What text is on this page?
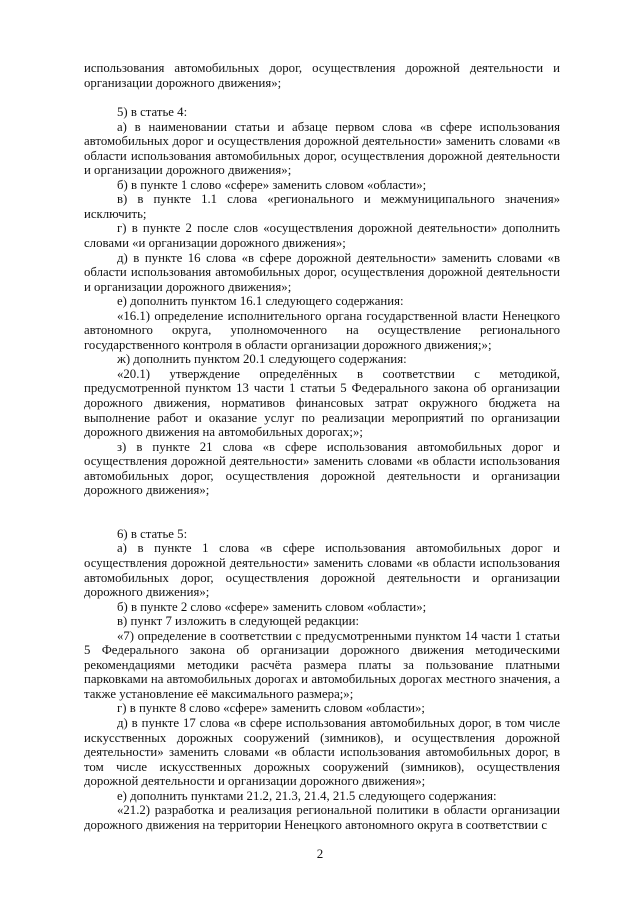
использования автомобильных дорог, осуществления дорожной деятельности и организации дорожного движения»;

5) в статье 4:

а) в наименовании статьи и абзаце первом слова «в сфере использования автомобильных дорог и осуществления дорожной деятельности» заменить словами «в области использования автомобильных дорог, осуществления дорожной деятельности и организации дорожного движения»;

б) в пункте 1 слово «сфере» заменить словом «области»;

в) в пункте 1.1 слова «регионального и межмуниципального значения» исключить;

г) в пункте 2 после слов «осуществления дорожной деятельности» дополнить словами «и организации дорожного движения»;

д) в пункте 16 слова «в сфере дорожной деятельности» заменить словами «в области использования автомобильных дорог, осуществления дорожной деятельности и организации дорожного движения»;

е) дополнить пунктом 16.1 следующего содержания:

«16.1) определение исполнительного органа государственной власти Ненецкого автономного округа, уполномоченного на осуществление регионального государственного контроля в области организации дорожного движения;»;

ж) дополнить пунктом 20.1 следующего содержания:

«20.1) утверждение определённых в соответствии с методикой, предусмотренной пунктом 13 части 1 статьи 5 Федерального закона об организации дорожного движения, нормативов финансовых затрат окружного бюджета на выполнение работ и оказание услуг по реализации мероприятий по организации дорожного движения на автомобильных дорогах;»;

з) в пункте 21 слова «в сфере использования автомобильных дорог и осуществления дорожной деятельности» заменить словами «в области использования автомобильных дорог, осуществления дорожной деятельности и организации дорожного движения»;

6) в статье 5:

а) в пункте 1 слова «в сфере использования автомобильных дорог и осуществления дорожной деятельности» заменить словами «в области использования автомобильных дорог, осуществления дорожной деятельности и организации дорожного движения»;

б) в пункте 2 слово «сфере» заменить словом «области»;

в) пункт 7 изложить в следующей редакции:

«7) определение в соответствии с предусмотренными пунктом 14 части 1 статьи 5 Федерального закона об организации дорожного движения методическими рекомендациями методики расчёта размера платы за пользование платными парковками на автомобильных дорогах и автомобильных дорогах местного значения, а также установление её максимального размера;»;

г) в пункте 8 слово «сфере» заменить словом «области»;

д) в пункте 17 слова «в сфере использования автомобильных дорог, в том числе искусственных дорожных сооружений (зимников), и осуществления дорожной деятельности» заменить словами «в области использования автомобильных дорог, в том числе искусственных дорожных сооружений (зимников), осуществления дорожной деятельности и организации дорожного движения»;

е) дополнить пунктами 21.2, 21.3, 21.4, 21.5 следующего содержания:

«21.2) разработка и реализация региональной политики в области организации дорожного движения на территории Ненецкого автономного округа в соответствии с

2
